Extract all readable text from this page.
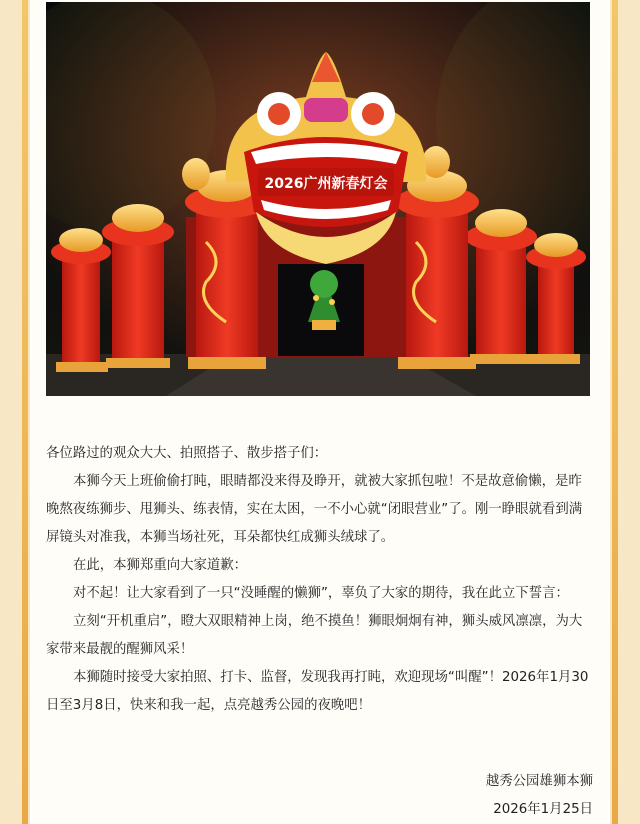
2026广州新春灯会

各位路过的观众大大、拍照搭子、散步搭子们：

本狮今天上班偷偷打盹，眼睛都没来得及睁开，就被大家抓包啦！不是故意偷懒，是昨晚熬夜练狮步、甩狮头、练表情，实在太困，一不小心就“闭眼营业”了。刚一睁眼就看到满屏镜头对准我，本狮当场社死，耳朵都快红成狮头绒球了。

在此，本狮郑重向大家道歉：

对不起！让大家看到了一只“没睡醒的懒狮”，辜负了大家的期待，我在此立下誓言：

立刻“开机重启”，瞪大双眼精神上岗，绝不摸鱼！狮眼炯炯有神，狮头威风凛凛，为大家带来最靓的醒狮风采！

本狮随时接受大家拍照、打卡、监督，发现我再打盹，欢迎现场“叫醒”！2026年1月30日至3月8日，快来和我一起，点亮越秀公园的夜晚吧！

越秀公园雄狮本狮

2026年1月25日
